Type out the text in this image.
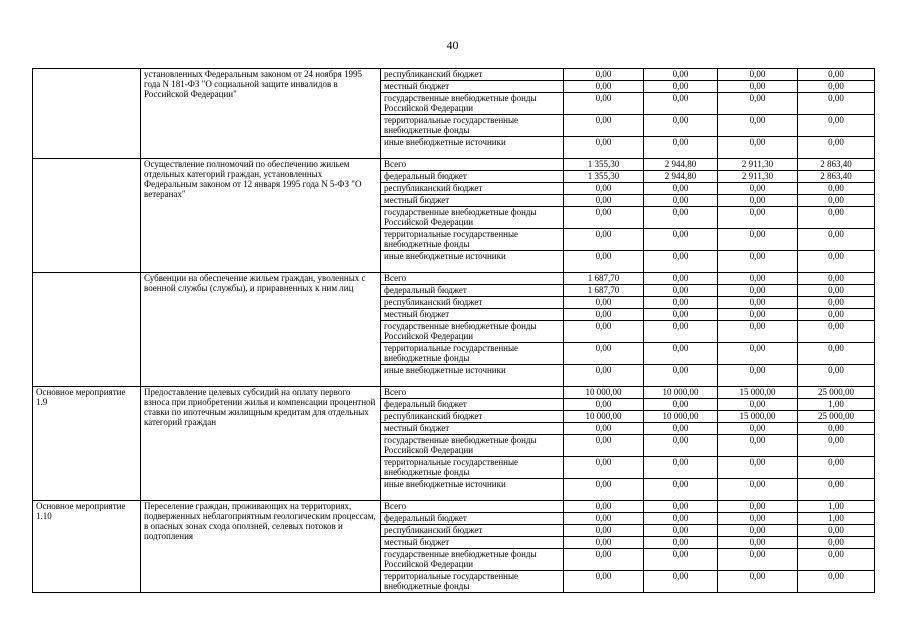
40
	установленных Федеральным законом от 24 ноября 1995 года N 181-ФЗ "О социальной защите инвалидов в Российской Федерации"	республиканский бюджет	0,00	0,00	0,00	0,00
		местный бюджет	0,00	0,00	0,00	0,00
		государственные внебюджетные фонды Российской Федерации	0,00	0,00	0,00	0,00
		территориальные государственные внебюджетные фонды	0,00	0,00	0,00	0,00
		иные внебюджетные источники	0,00	0,00	0,00	0,00
	Осуществление полномочий по обеспечению жильем отдельных категорий граждан, установленных Федеральным законом от 12 января 1995 года N 5-ФЗ "О ветеранах"	Всего	1 355,30	2 944,80	2 911,30	2 863,40
		федеральный бюджет	1 355,30	2 944,80	2 911,30	2 863,40
		республиканский бюджет	0,00	0,00	0,00	0,00
		местный бюджет	0,00	0,00	0,00	0,00
		государственные внебюджетные фонды Российской Федерации	0,00	0,00	0,00	0,00
		территориальные государственные внебюджетные фонды	0,00	0,00	0,00	0,00
		иные внебюджетные источники	0,00	0,00	0,00	0,00
	Субвенции на обеспечение жильем граждан, уволенных с военной службы (службы), и приравненных к ним лиц	Всего	1 687,70	0,00	0,00	0,00
		федеральный бюджет	1 687,70	0,00	0,00	0,00
		республиканский бюджет	0,00	0,00	0,00	0,00
		местный бюджет	0,00	0,00	0,00	0,00
		государственные внебюджетные фонды Российской Федерации	0,00	0,00	0,00	0,00
		территориальные государственные внебюджетные фонды	0,00	0,00	0,00	0,00
		иные внебюджетные источники	0,00	0,00	0,00	0,00
Основное мероприятие 1.9	Предоставление целевых субсидий на оплату первого взноса при приобретении жилья и компенсации процентной ставки по ипотечным жилищным кредитам для отдельных категорий граждан	Всего	10 000,00	10 000,00	15 000,00	25 000,00
		федеральный бюджет	0,00	0,00	0,00	1,00
		республиканский бюджет	10 000,00	10 000,00	15 000,00	25 000,00
		местный бюджет	0,00	0,00	0,00	0,00
		государственные внебюджетные фонды Российской Федерации	0,00	0,00	0,00	0,00
		территориальные государственные внебюджетные фонды	0,00	0,00	0,00	0,00
		иные внебюджетные источники	0,00	0,00	0,00	0,00
Основное мероприятие 1.10	Переселение граждан, проживающих на территориях, подверженных неблагоприятным геологическим процессам, в опасных зонах схода оползней, селевых потоков и подтопления	Всего	0,00	0,00	0,00	1,00
		федеральный бюджет	0,00	0,00	0,00	1,00
		республиканский бюджет	0,00	0,00	0,00	0,00
		местный бюджет	0,00	0,00	0,00	0,00
		государственные внебюджетные фонды Российской Федерации	0,00	0,00	0,00	0,00
		территориальные государственные внебюджетные фонды	0,00	0,00	0,00	0,00
